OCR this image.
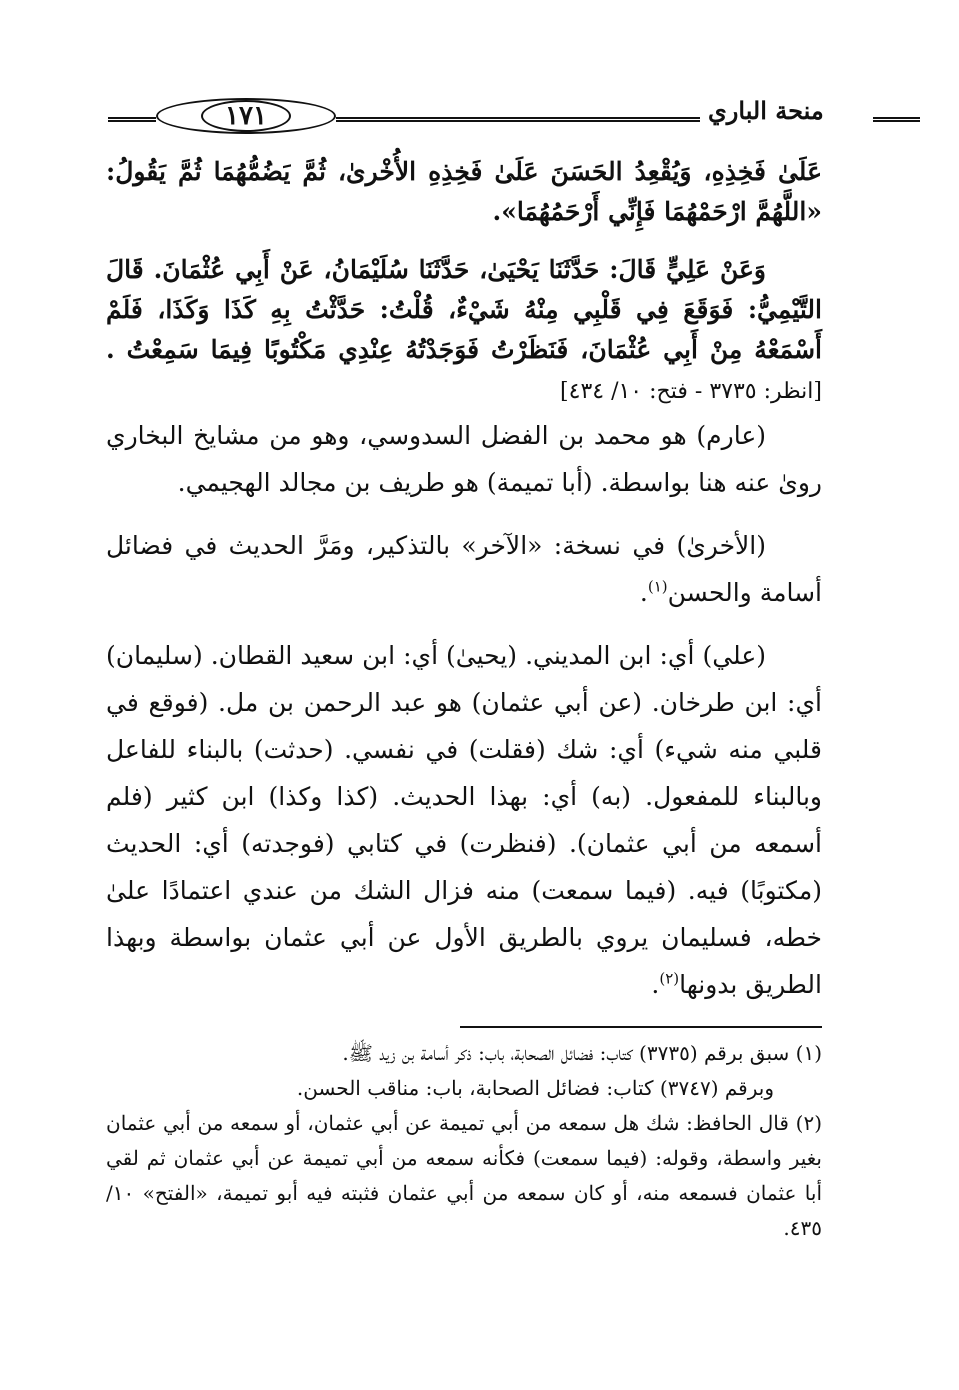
١٧١	منحة الباري

عَلَىٰ فَخِذِهِ، وَيُقْعِدُ الحَسَنَ عَلَىٰ فَخِذِهِ الأُخْرىٰ، ثُمَّ يَضُمُّهُمَا ثُمَّ يَقُولُ: «اللَّهُمَّ ارْحَمْهُمَا فَإِنِّي أَرْحَمُهُمَا».

وَعَنْ عَلِيٍّ قَالَ: حَدَّثَنَا يَحْيَىٰ، حَدَّثَنَا سُلَيْمَانُ، عَنْ أَبِي عُثْمَانَ. قَالَ التَّيْمِيُّ: فَوَقَعَ فِي قَلْبِي مِنْهُ شَيْءٌ، قُلْتُ: حَدَّثْتُ بِهِ كَذَا وَكَذَا، فَلَمْ أَسْمَعْهُ مِنْ أَبِي عُثْمَانَ، فَنَظَرْتُ فَوَجَدْتُهُ عِنْدِي مَكْتُوبًا فِيمَا سَمِعْتُ .[انظر: ٣٧٣٥ - فتح: ١٠/ ٤٣٤]

(عارم) هو محمد بن الفضل السدوسي، وهو من مشايخ البخاري روىٰ عنه هنا بواسطة. (أبا تميمة) هو طريف بن مجالد الهجيمي.

(الأخرىٰ) في نسخة: «الآخر» بالتذكير، ومَرَّ الحديث في فضائل أسامة والحسن$^{(١)}$.

(علي) أي: ابن المديني. (يحيىٰ) أي: ابن سعيد القطان. (سليمان) أي: ابن طرخان. (عن أبي عثمان) هو عبد الرحمن بن مل. (فوقع في قلبي منه شيء) أي: شك (فقلت) في نفسي. (حدثت) بالبناء للفاعل وبالبناء للمفعول. (به) أي: بهذا الحديث. (كذا وكذا) ابن كثير (فلم أسمعه من أبي عثمان). (فنظرت) في كتابي (فوجدته) أي: الحديث (مكتوبًا) فيه. (فيما سمعت) منه فزال الشك من عندي اعتمادًا علىٰ خطه، فسليمان يروي بالطريق الأول عن أبي عثمان بواسطة وبهذا الطريق بدونها$^{(٢)}$.

(١) سبق برقم (٣٧٣٥) كتاب: فضائل الصحابة، باب: ذكر أسامة بن زيد ﷺ.

وبرقم (٣٧٤٧) كتاب: فضائل الصحابة، باب: مناقب الحسن.

(٢) قال الحافظ: شك هل سمعه من أبي تميمة عن أبي عثمان، أو سمعه من أبي عثمان بغير واسطة، وقوله: (فيما سمعت) فكأنه سمعه من أبي تميمة عن أبي عثمان ثم لقي أبا عثمان فسمعه منه، أو كان سمعه من أبي عثمان فثبته فيه أبو تميمة، «الفتح» ١٠/ ٤٣٥.
